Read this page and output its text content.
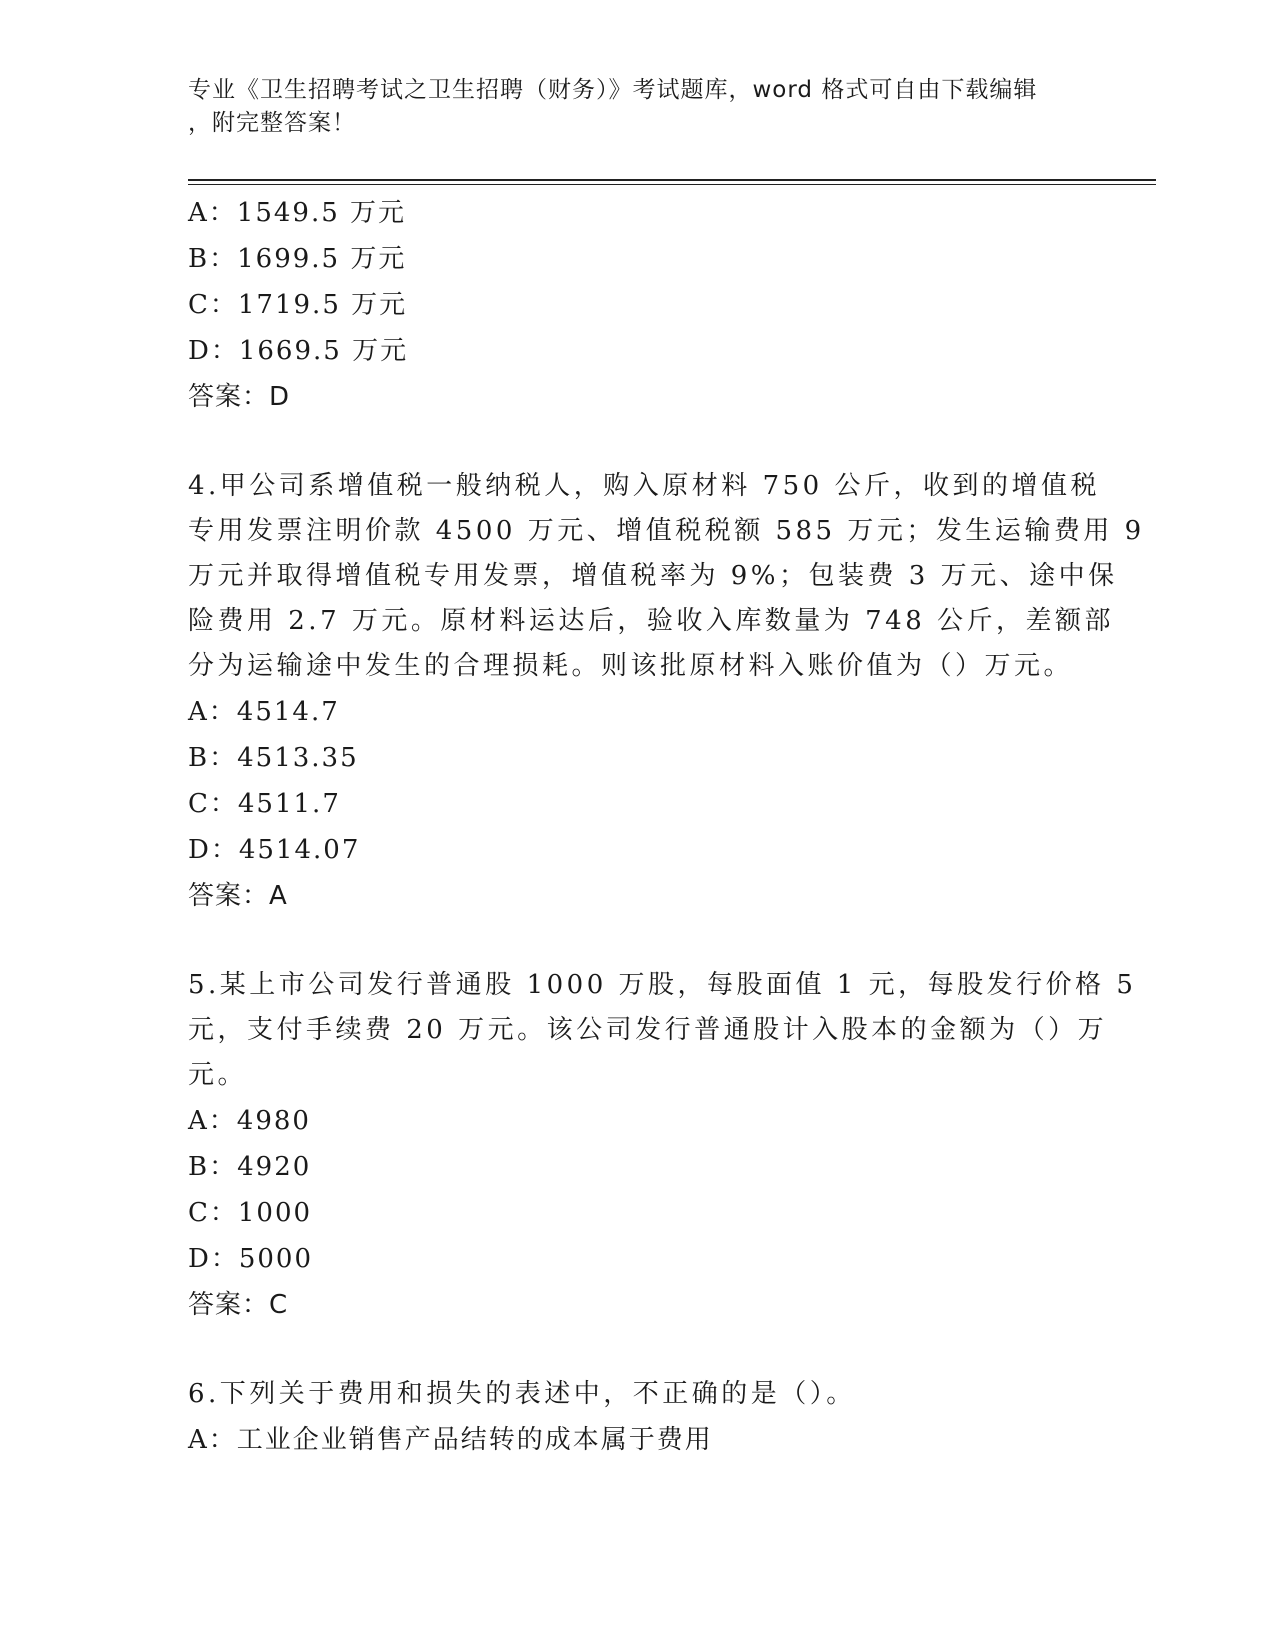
专业《卫生招聘考试之卫生招聘（财务）》考试题库，word 格式可自由下载编辑
，附完整答案！
A：1549.5 万元
B：1699.5 万元
C：1719.5 万元
D：1669.5 万元
答案：D
4.甲公司系增值税一般纳税人，购入原材料 750 公斤，收到的增值税
专用发票注明价款 4500 万元、增值税税额 585 万元；发生运输费用 9
万元并取得增值税专用发票，增值税率为 9%；包装费 3 万元、途中保
险费用 2.7 万元。原材料运达后，验收入库数量为 748 公斤，差额部
分为运输途中发生的合理损耗。则该批原材料入账价值为（）万元。
A：4514.7
B：4513.35
C：4511.7
D：4514.07
答案：A
5.某上市公司发行普通股 1000 万股，每股面值 1 元，每股发行价格 5
元，支付手续费 20 万元。该公司发行普通股计入股本的金额为（）万
元。
A：4980
B：4920
C：1000
D：5000
答案：C
6.下列关于费用和损失的表述中，不正确的是（）。
A：工业企业销售产品结转的成本属于费用
